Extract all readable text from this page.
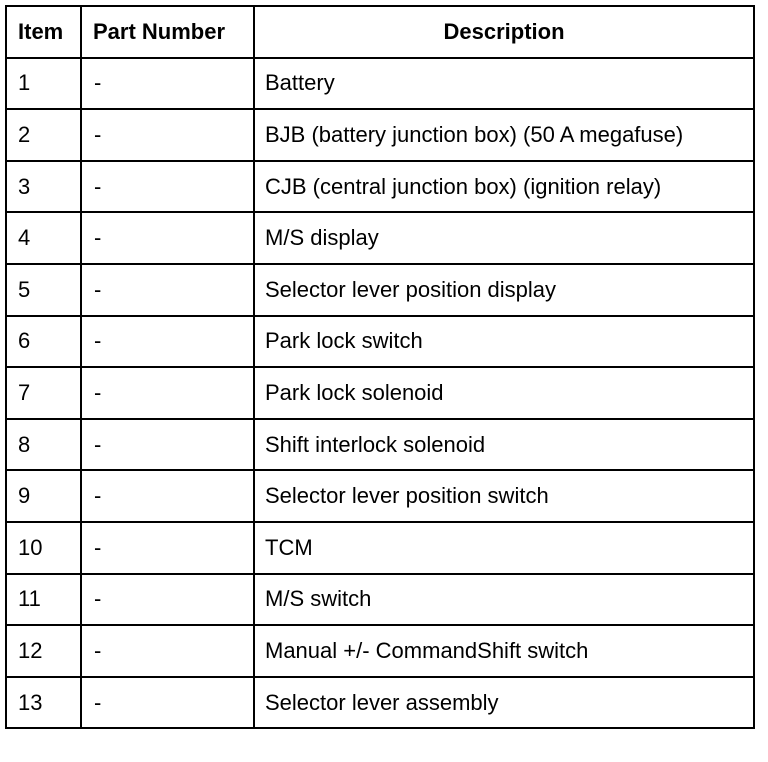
Item	Part Number	Description
1	-	Battery
2	-	BJB (battery junction box) (50 A megafuse)
3	-	CJB (central junction box) (ignition relay)
4	-	M/S display
5	-	Selector lever position display
6	-	Park lock switch
7	-	Park lock solenoid
8	-	Shift interlock solenoid
9	-	Selector lever position switch
10	-	TCM
11	-	M/S switch
12	-	Manual +/- CommandShift switch
13	-	Selector lever assembly
